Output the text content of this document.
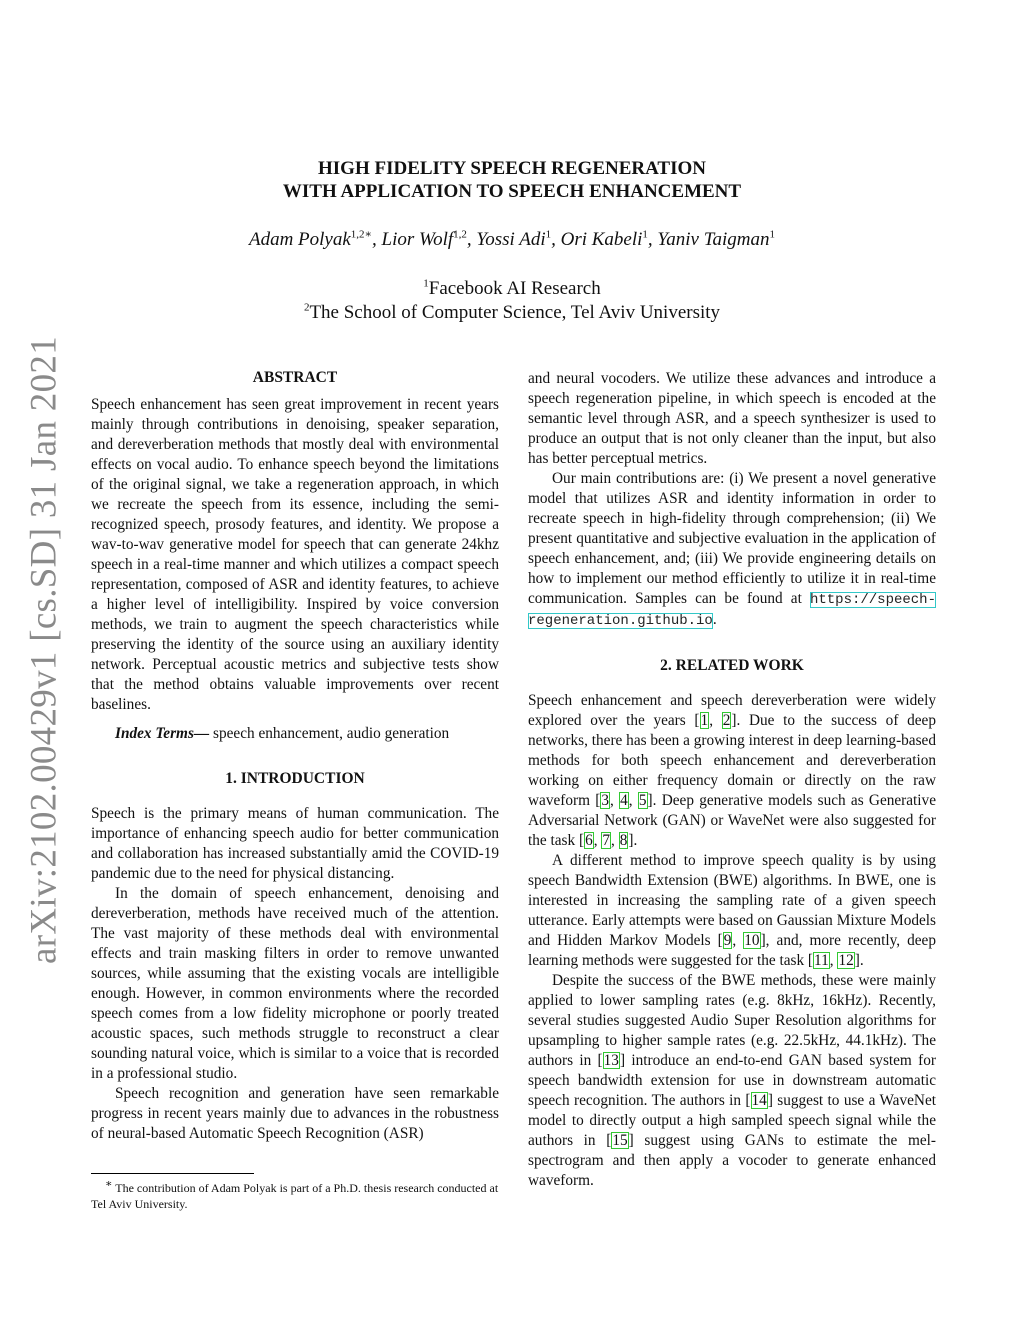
arXiv:2102.00429v1 [cs.SD] 31 Jan 2021
HIGH FIDELITY SPEECH REGENERATION
WITH APPLICATION TO SPEECH ENHANCEMENT
Adam Polyak$^{1,2∗}$, Lior Wolf$^{1,2}$, Yossi Adi$^1$, Ori Kabeli$^1$, Yaniv Taigman$^1$
$^1$Facebook AI Research
$^2$The School of Computer Science, Tel Aviv University
ABSTRACT

Speech enhancement has seen great improvement in recent years mainly through contributions in denoising, speaker separation, and dereverberation methods that mostly deal with environmental effects on vocal audio. To enhance speech beyond the limitations of the original signal, we take a regeneration approach, in which we recreate the speech from its essence, including the semi-recognized speech, prosody features, and identity. We propose a wav-to-wav generative model for speech that can generate 24khz speech in a real-time manner and which utilizes a compact speech representation, composed of ASR and identity features, to achieve a higher level of intelligibility. Inspired by voice conversion methods, we train to augment the speech characteristics while preserving the identity of the source using an auxiliary identity network. Perceptual acoustic metrics and subjective tests show that the method obtains valuable improvements over recent baselines.

Index Terms— speech enhancement, audio generation

1. INTRODUCTION

Speech is the primary means of human communication. The importance of enhancing speech audio for better communication and collaboration has increased substantially amid the COVID-19 pandemic due to the need for physical distancing.

In the domain of speech enhancement, denoising and dereverberation, methods have received much of the attention. The vast majority of these methods deal with environmental effects and train masking filters in order to remove unwanted sources, while assuming that the existing vocals are intelligible enough. However, in common environments where the recorded speech comes from a low fidelity microphone or poorly treated acoustic spaces, such methods struggle to reconstruct a clear sounding natural voice, which is similar to a voice that is recorded in a professional studio.

Speech recognition and generation have seen remarkable progress in recent years mainly due to advances in the robustness of neural-based Automatic Speech Recognition (ASR)

∗ The contribution of Adam Polyak is part of a Ph.D. thesis research conducted at Tel Aviv University.

and neural vocoders. We utilize these advances and introduce a speech regeneration pipeline, in which speech is encoded at the semantic level through ASR, and a speech synthesizer is used to produce an output that is not only cleaner than the input, but also has better perceptual metrics.

Our main contributions are: (i) We present a novel generative model that utilizes ASR and identity information in order to recreate speech in high-fidelity through comprehension; (ii) We present quantitative and subjective evaluation in the application of speech enhancement, and; (iii) We provide engineering details on how to implement our method efficiently to utilize it in real-time communication. Samples can be found at https://speech-regeneration.github.io.

2. RELATED WORK

Speech enhancement and speech dereverberation were widely explored over the years [1, 2]. Due to the success of deep networks, there has been a growing interest in deep learning-based methods for both speech enhancement and dereverberation working on either frequency domain or directly on the raw waveform [3, 4, 5]. Deep generative models such as Generative Adversarial Network (GAN) or WaveNet were also suggested for the task [6, 7, 8].

A different method to improve speech quality is by using speech Bandwidth Extension (BWE) algorithms. In BWE, one is interested in increasing the sampling rate of a given speech utterance. Early attempts were based on Gaussian Mixture Models and Hidden Markov Models [9, 10], and, more recently, deep learning methods were suggested for the task [11, 12].

Despite the success of the BWE methods, these were mainly applied to lower sampling rates (e.g. 8kHz, 16kHz). Recently, several studies suggested Audio Super Resolution algorithms for upsampling to higher sample rates (e.g. 22.5kHz, 44.1kHz). The authors in [13] introduce an end-to-end GAN based system for speech bandwidth extension for use in downstream automatic speech recognition. The authors in [14] suggest to use a WaveNet model to directly output a high sampled speech signal while the authors in [15] suggest using GANs to estimate the mel-spectrogram and then apply a vocoder to generate enhanced waveform.
